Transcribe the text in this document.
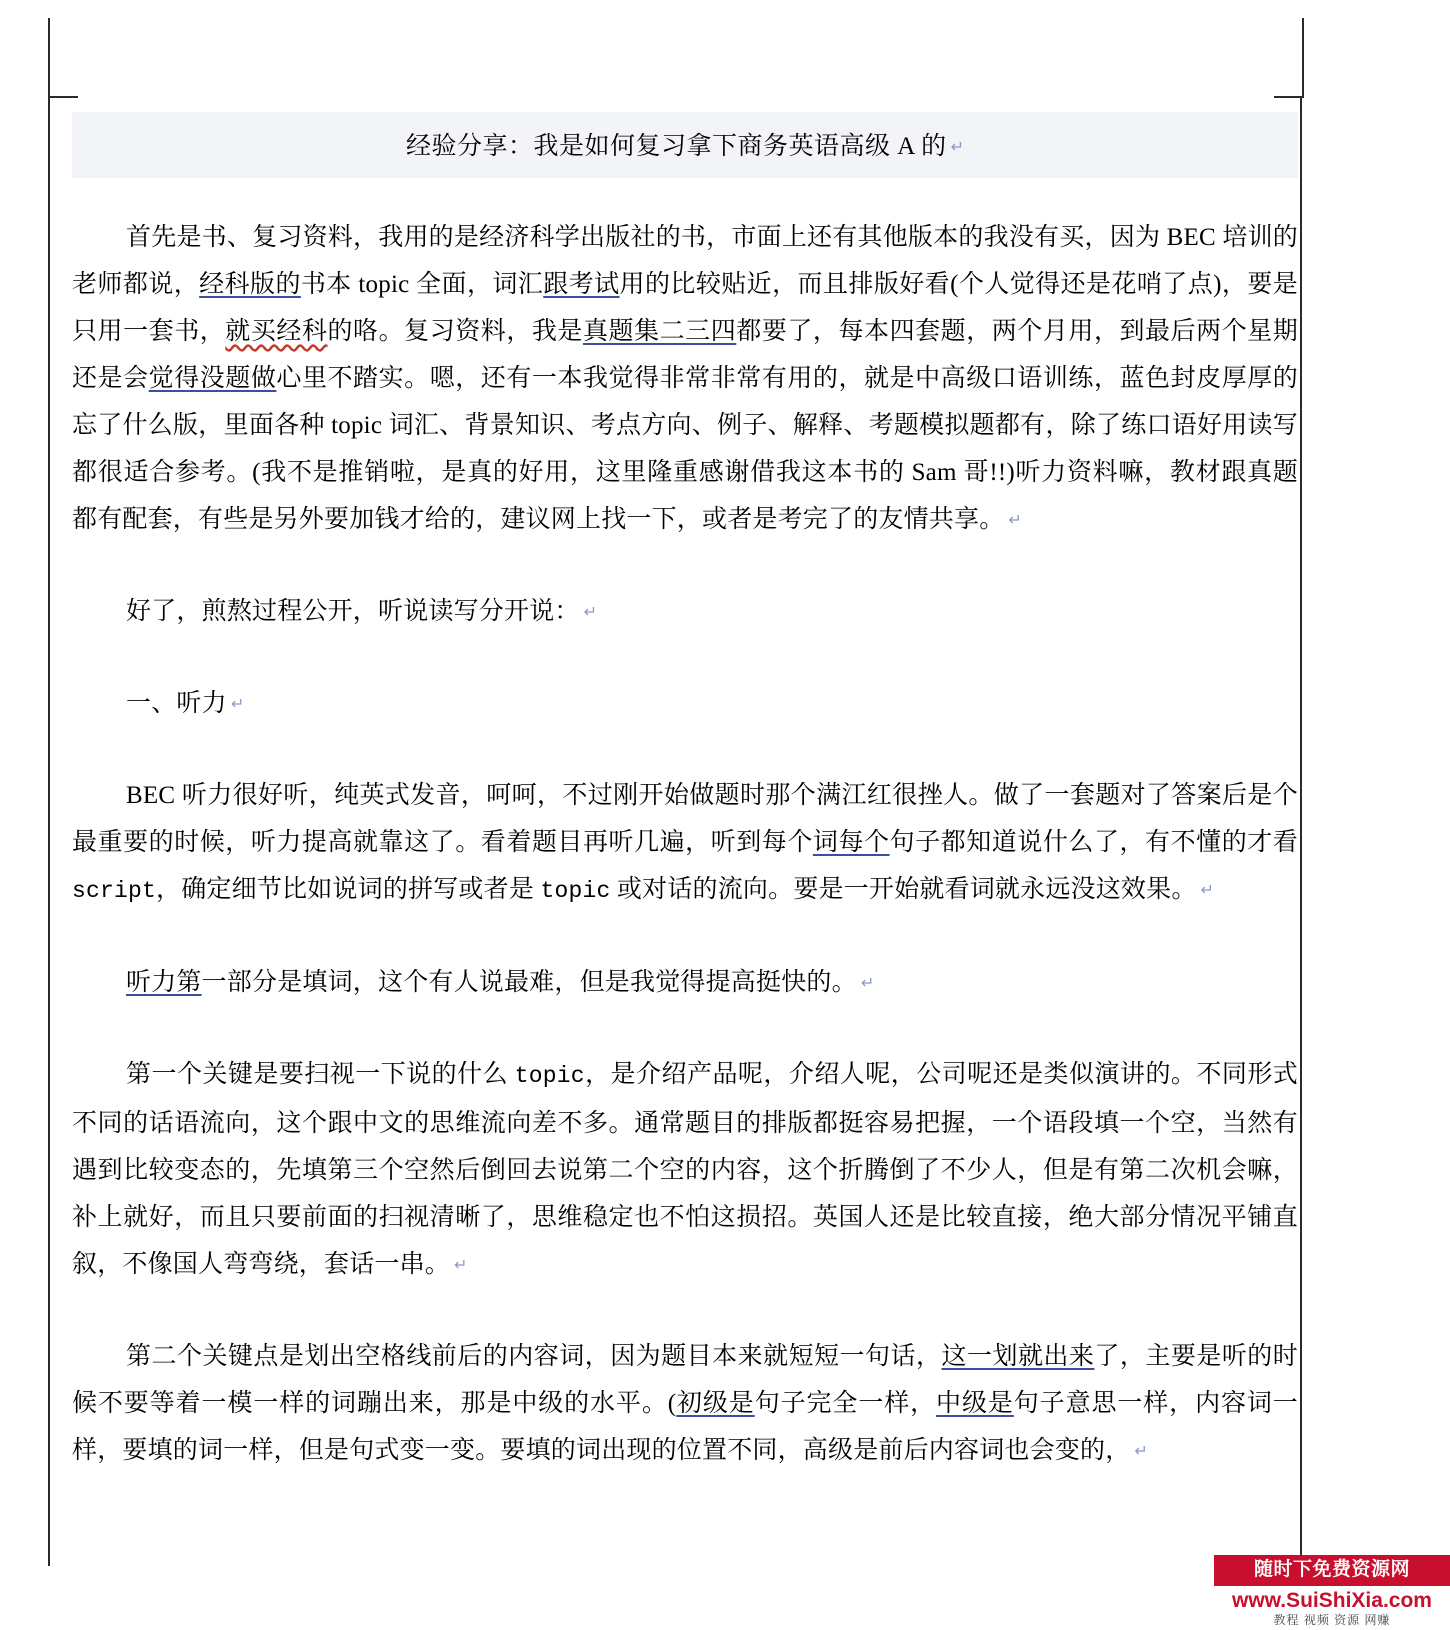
经验分享：我是如何复习拿下商务英语高级 A 的 ↵

首先是书、复习资料，我用的是经济科学出版社的书，市面上还有其他版本的我没有买，因为 BEC 培训的老师都说，经科版的书本 topic 全面，词汇跟考试用的比较贴近，而且排版好看(个人觉得还是花哨了点)，要是只用一套书，就买经科的咯。复习资料，我是真题集二三四都要了，每本四套题，两个月用，到最后两个星期还是会觉得没题做心里不踏实。嗯，还有一本我觉得非常非常有用的，就是中高级口语训练，蓝色封皮厚厚的忘了什么版，里面各种 topic 词汇、背景知识、考点方向、例子、解释、考题模拟题都有，除了练口语好用读写都很适合参考。(我不是推销啦，是真的好用，这里隆重感谢借我这本书的 Sam 哥!!)听力资料嘛，教材跟真题都有配套，有些是另外要加钱才给的，建议网上找一下，或者是考完了的友情共享。 ↵

好了，煎熬过程公开，听说读写分开说： ↵

一、听力 ↵

BEC 听力很好听，纯英式发音，呵呵，不过刚开始做题时那个满江红很挫人。做了一套题对了答案后是个最重要的时候，听力提高就靠这了。看着题目再听几遍，听到每个词每个句子都知道说什么了，有不懂的才看 script，确定细节比如说词的拼写或者是 topic 或对话的流向。要是一开始就看词就永远没这效果。 ↵

听力第一部分是填词，这个有人说最难，但是我觉得提高挺快的。 ↵

第一个关键是要扫视一下说的什么 topic，是介绍产品呢，介绍人呢，公司呢还是类似演讲的。不同形式不同的话语流向，这个跟中文的思维流向差不多。通常题目的排版都挺容易把握，一个语段填一个空，当然有遇到比较变态的，先填第三个空然后倒回去说第二个空的内容，这个折腾倒了不少人，但是有第二次机会嘛，补上就好，而且只要前面的扫视清晰了，思维稳定也不怕这损招。英国人还是比较直接，绝大部分情况平铺直叙，不像国人弯弯绕，套话一串。 ↵

第二个关键点是划出空格线前后的内容词，因为题目本来就短短一句话，这一划就出来了，主要是听的时候不要等着一模一样的词蹦出来，那是中级的水平。(初级是句子完全一样，中级是句子意思一样，内容词一样，要填的词一样，但是句式变一变。要填的词出现的位置不同，高级是前后内容词也会变的， ↵

随时下免费资源网
www.SuiShiXia.com
教程 视频 资源 网赚
